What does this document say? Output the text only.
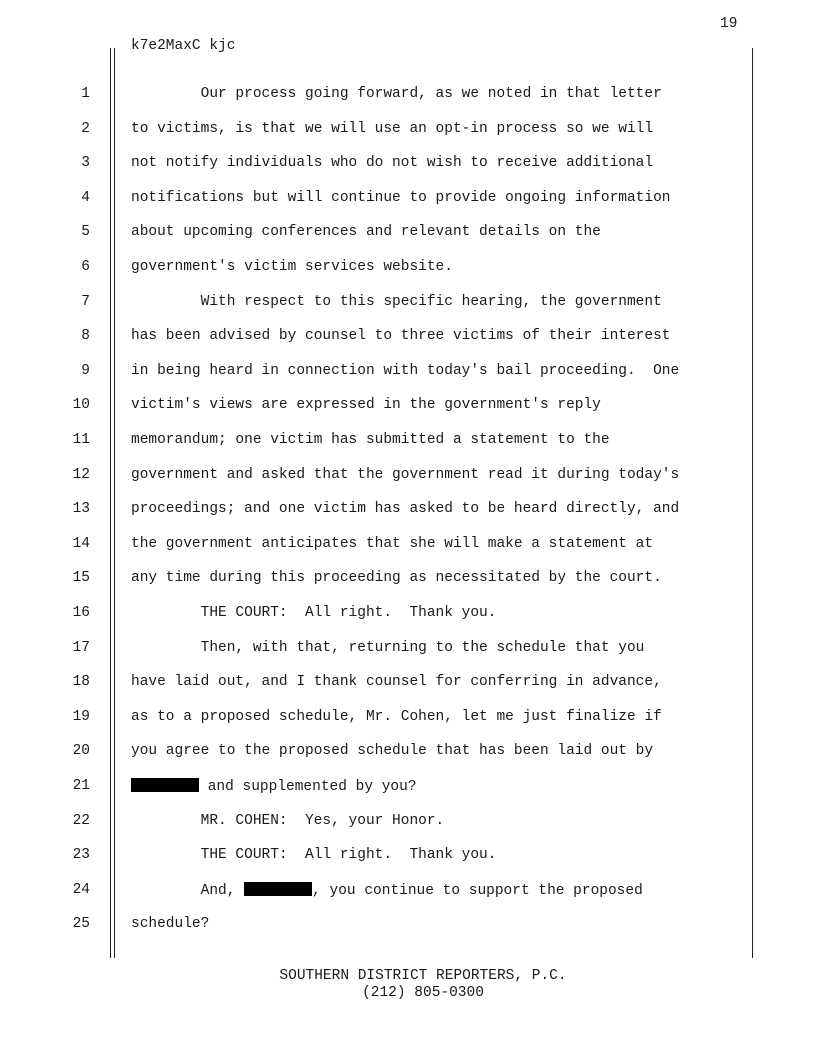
19
k7e2MaxC kjc
1	Our process going forward, as we noted in that letter
2	to victims, is that we will use an opt-in process so we will
3	not notify individuals who do not wish to receive additional
4	notifications but will continue to provide ongoing information
5	about upcoming conferences and relevant details on the
6	government's victim services website.
7	With respect to this specific hearing, the government
8	has been advised by counsel to three victims of their interest
9	in being heard in connection with today's bail proceeding.  One
10	victim's views are expressed in the government's reply
11	memorandum; one victim has submitted a statement to the
12	government and asked that the government read it during today's
13	proceedings; and one victim has asked to be heard directly, and
14	the government anticipates that she will make a statement at
15	any time during this proceeding as necessitated by the court.
16	THE COURT:  All right.  Thank you.
17	Then, with that, returning to the schedule that you
18	have laid out, and I thank counsel for conferring in advance,
19	as to a proposed schedule, Mr. Cohen, let me just finalize if
20	you agree to the proposed schedule that has been laid out by
21	and supplemented by you?
22	MR. COHEN:  Yes, your Honor.
23	THE COURT:  All right.  Thank you.
24	And,	, you continue to support the proposed
25	schedule?
SOUTHERN DISTRICT REPORTERS, P.C.
(212) 805-0300
